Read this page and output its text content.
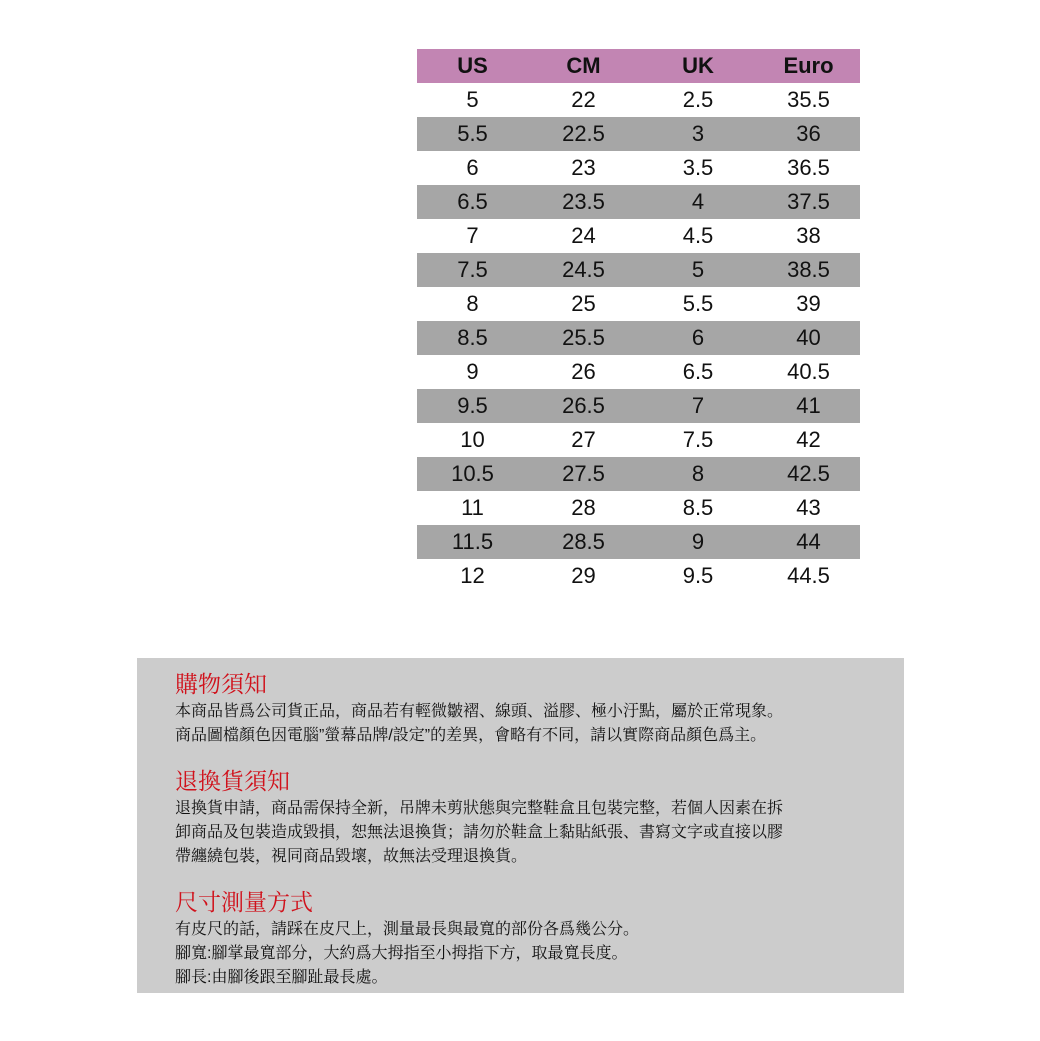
US	CM	UK	Euro
5	22	2.5	35.5
5.5	22.5	3	36
6	23	3.5	36.5
6.5	23.5	4	37.5
7	24	4.5	38
7.5	24.5	5	38.5
8	25	5.5	39
8.5	25.5	6	40
9	26	6.5	40.5
9.5	26.5	7	41
10	27	7.5	42
10.5	27.5	8	42.5
11	28	8.5	43
11.5	28.5	9	44
12	29	9.5	44.5
購物須知
本商品皆爲公司貨正品，商品若有輕微皺褶、線頭、溢膠、極小汙點，屬於正常現象。
商品圖檔顏色因電腦”螢幕品牌/設定”的差異，會略有不同，請以實際商品顏色爲主。
退換貨須知
退換貨申請，商品需保持全新，吊牌未剪狀態與完整鞋盒且包裝完整，若個人因素在拆
卸商品及包裝造成毀損，恕無法退換貨；請勿於鞋盒上黏貼紙張、書寫文字或直接以膠
帶纏繞包裝，視同商品毀壞，故無法受理退換貨。
尺寸測量方式
有皮尺的話，請踩在皮尺上，測量最長與最寬的部份各爲幾公分。
腳寬:腳掌最寬部分，大約爲大拇指至小拇指下方，取最寬長度。
腳長:由腳後跟至腳趾最長處。
